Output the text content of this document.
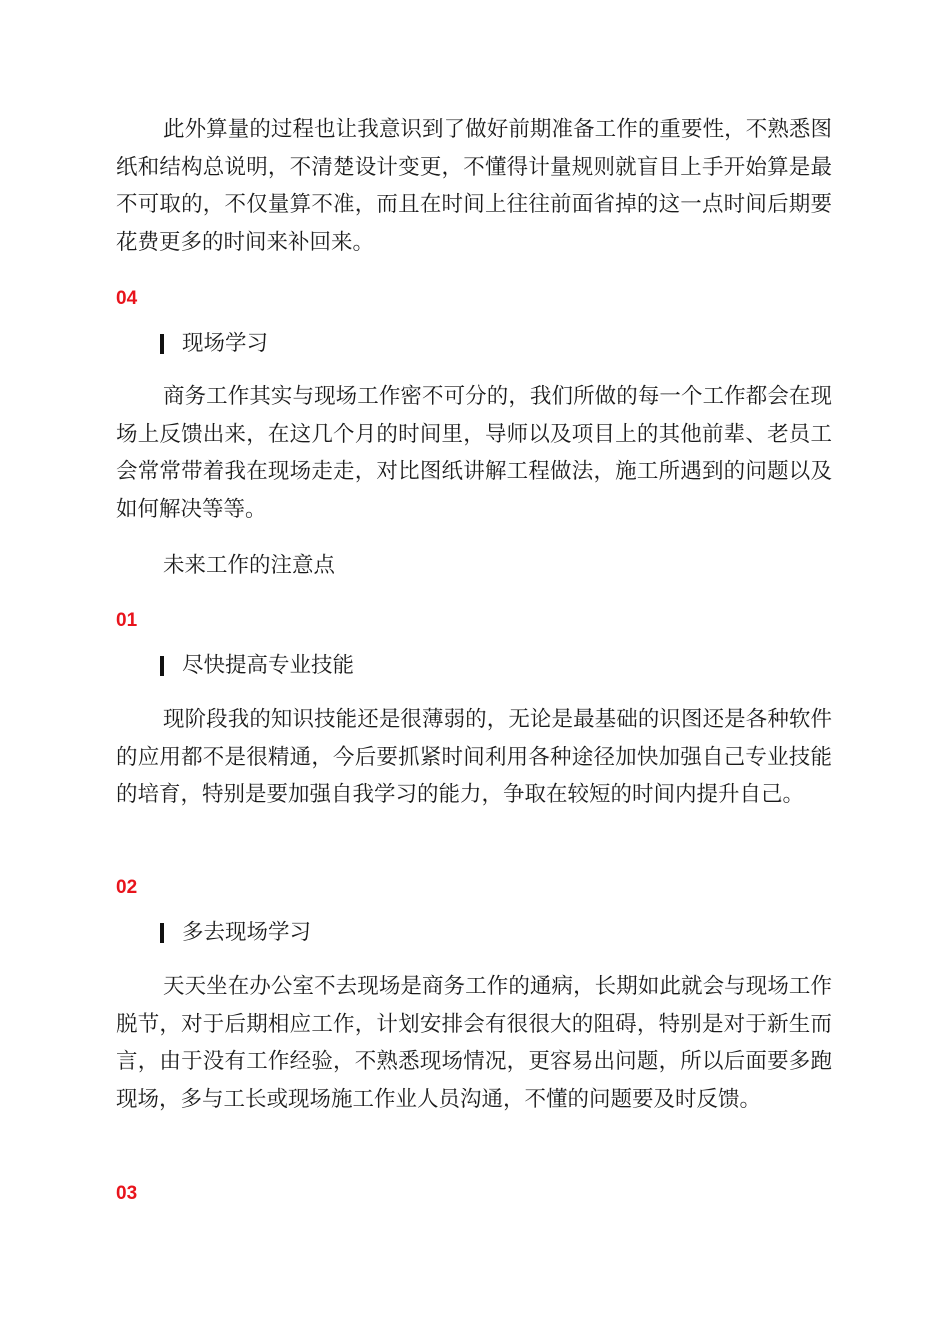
此外算量的过程也让我意识到了做好前期准备工作的重要性，不熟悉图纸和结构总说明，不清楚设计变更，不懂得计量规则就盲目上手开始算是最不可取的，不仅量算不准，而且在时间上往往前面省掉的这一点时间后期要花费更多的时间来补回来。

04
现场学习

商务工作其实与现场工作密不可分的，我们所做的每一个工作都会在现场上反馈出来，在这几个月的时间里，导师以及项目上的其他前辈、老员工会常常带着我在现场走走，对比图纸讲解工程做法，施工所遇到的问题以及如何解决等等。

未来工作的注意点
01
尽快提高专业技能

现阶段我的知识技能还是很薄弱的，无论是最基础的识图还是各种软件的应用都不是很精通，今后要抓紧时间利用各种途径加快加强自己专业技能的培育，特别是要加强自我学习的能力，争取在较短的时间内提升自己。

02
多去现场学习

天天坐在办公室不去现场是商务工作的通病，长期如此就会与现场工作脱节，对于后期相应工作，计划安排会有很很大的阻碍，特别是对于新生而言，由于没有工作经验，不熟悉现场情况，更容易出问题，所以后面要多跑现场，多与工长或现场施工作业人员沟通，不懂的问题要及时反馈。

03
